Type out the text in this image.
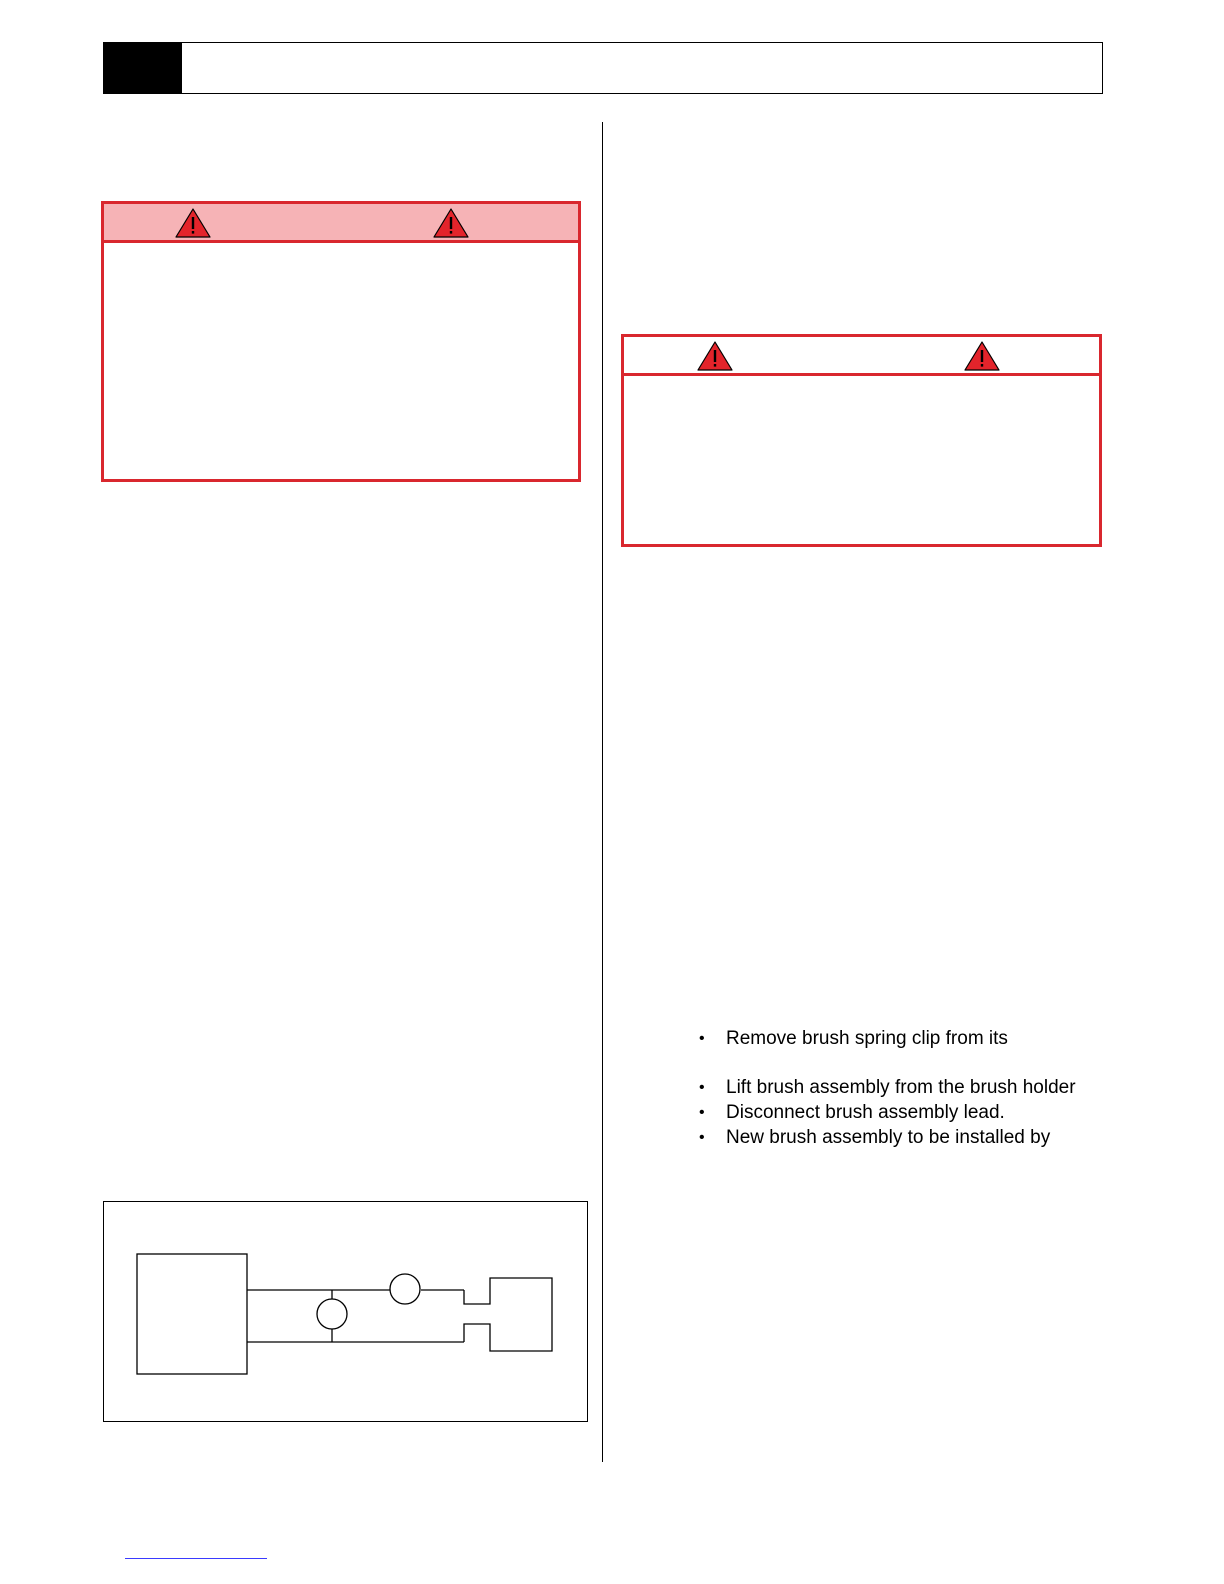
• Remove brush spring clip from its
• Lift brush assembly from the brush holder
• Disconnect brush assembly lead.
• New brush assembly to be installed by
